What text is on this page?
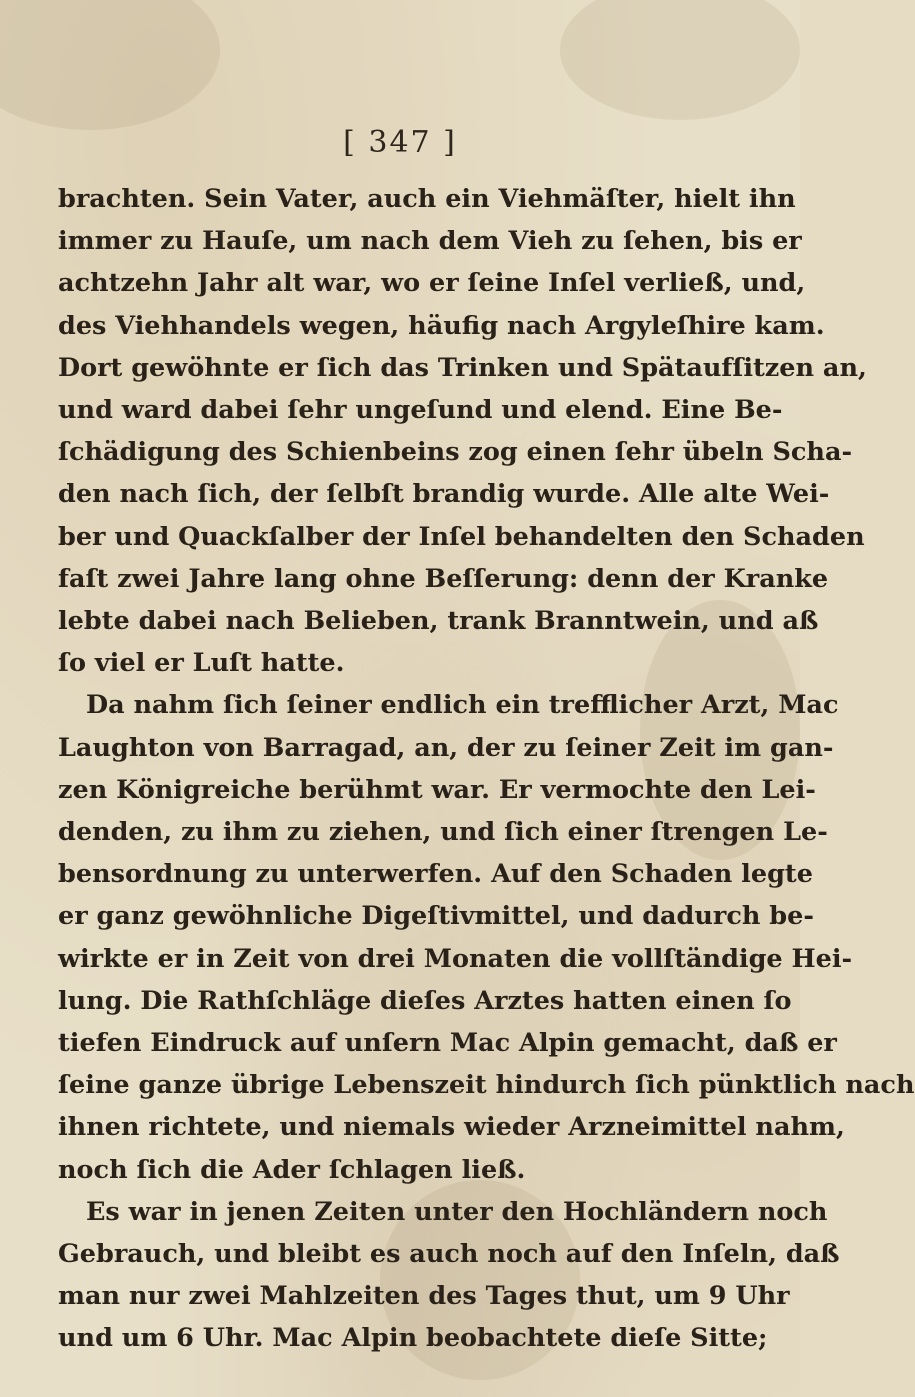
[ 347 ]
brachten. Sein Vater, auch ein Viehmäſter, hielt ihn
immer zu Hauſe, um nach dem Vieh zu ſehen, bis er
achtzehn Jahr alt war, wo er ſeine Inſel verließ, und,
des Viehhandels wegen, häufig nach Argyleſhire kam.
Dort gewöhnte er ſich das Trinken und Spätaufſitzen an,
und ward dabei ſehr ungeſund und elend. Eine Be-
ſchädigung des Schienbeins zog einen ſehr übeln Scha-
den nach ſich, der ſelbſt brandig wurde. Alle alte Wei-
ber und Quackſalber der Inſel behandelten den Schaden
faſt zwei Jahre lang ohne Beſſerung: denn der Kranke
lebte dabei nach Belieben, trank Branntwein, und aß
ſo viel er Luſt hatte.
Da nahm ſich ſeiner endlich ein trefflicher Arzt, Mac
Laughton von Barragad, an, der zu ſeiner Zeit im gan-
zen Königreiche berühmt war. Er vermochte den Lei-
denden, zu ihm zu ziehen, und ſich einer ſtrengen Le-
bensordnung zu unterwerfen. Auf den Schaden legte
er ganz gewöhnliche Digeſtivmittel, und dadurch be-
wirkte er in Zeit von drei Monaten die vollſtändige Hei-
lung. Die Rathſchläge dieſes Arztes hatten einen ſo
tiefen Eindruck auf unſern Mac Alpin gemacht, daß er
ſeine ganze übrige Lebenszeit hindurch ſich pünktlich nach
ihnen richtete, und niemals wieder Arzneimittel nahm,
noch ſich die Ader ſchlagen ließ.
Es war in jenen Zeiten unter den Hochländern noch
Gebrauch, und bleibt es auch noch auf den Inſeln, daß
man nur zwei Mahlzeiten des Tages thut, um 9 Uhr
und um 6 Uhr. Mac Alpin beobachtete dieſe Sitte;
